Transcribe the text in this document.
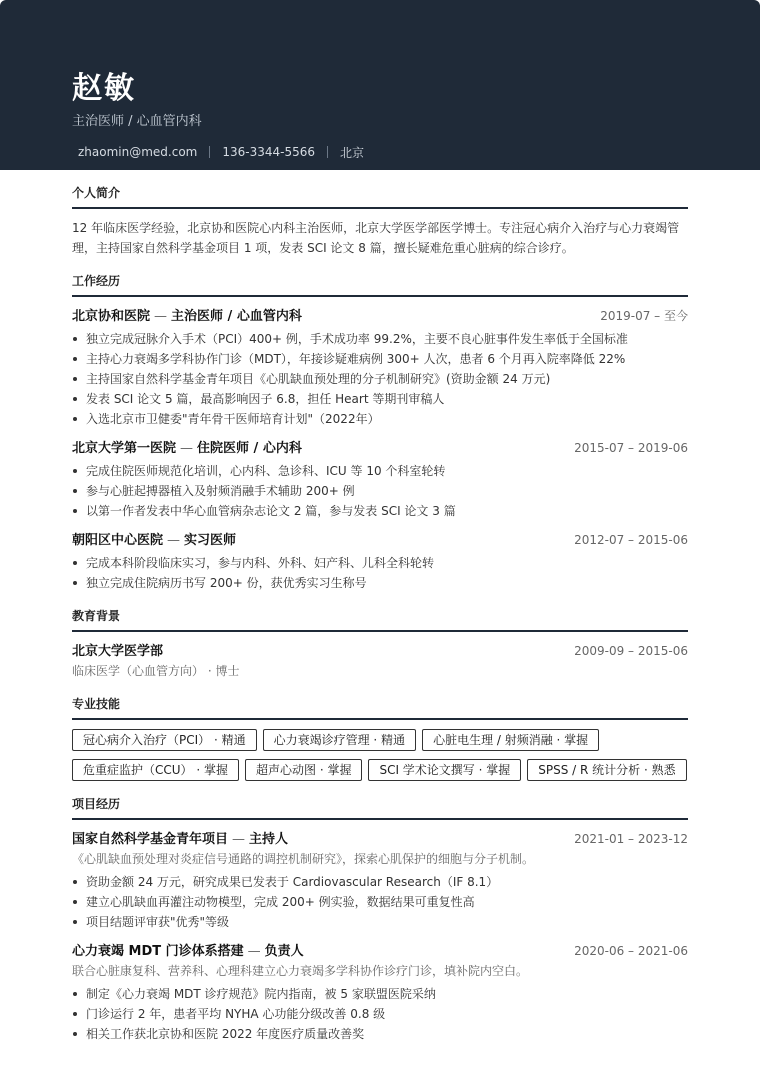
赵敏
主治医师 / 心血管内科
zhaomin@med.com	136-3344-5566	北京
个人简介
12 年临床医学经验，北京协和医院心内科主治医师，北京大学医学部医学博士。专注冠心病介入治疗与心力衰竭管理，主持国家自然科学基金项目 1 项，发表 SCI 论文 8 篇，擅长疑难危重心脏病的综合诊疗。
工作经历
北京协和医院 — 主治医师 / 心血管内科	2019-07 – 至今
独立完成冠脉介入手术（PCI）400+ 例，手术成功率 99.2%，主要不良心脏事件发生率低于全国标准
主持心力衰竭多学科协作门诊（MDT），年接诊疑难病例 300+ 人次，患者 6 个月再入院率降低 22%
主持国家自然科学基金青年项目《心肌缺血预处理的分子机制研究》(资助金额 24 万元)
发表 SCI 论文 5 篇，最高影响因子 6.8，担任 Heart 等期刊审稿人
入选北京市卫健委"青年骨干医师培育计划"（2022年）
北京大学第一医院 — 住院医师 / 心内科	2015-07 – 2019-06
完成住院医师规范化培训，心内科、急诊科、ICU 等 10 个科室轮转
参与心脏起搏器植入及射频消融手术辅助 200+ 例
以第一作者发表中华心血管病杂志论文 2 篇，参与发表 SCI 论文 3 篇
朝阳区中心医院 — 实习医师	2012-07 – 2015-06
完成本科阶段临床实习，参与内科、外科、妇产科、儿科全科轮转
独立完成住院病历书写 200+ 份，获优秀实习生称号
教育背景
北京大学医学部	2009-09 – 2015-06
临床医学（心血管方向） · 博士
专业技能
冠心病介入治疗（PCI） · 精通	心力衰竭诊疗管理 · 精通	心脏电生理 / 射频消融 · 掌握
危重症监护（CCU） · 掌握	超声心动图 · 掌握	SCI 学术论文撰写 · 掌握	SPSS / R 统计分析 · 熟悉
项目经历
国家自然科学基金青年项目 — 主持人	2021-01 – 2023-12
《心肌缺血预处理对炎症信号通路的调控机制研究》，探索心肌保护的细胞与分子机制。
资助金额 24 万元，研究成果已发表于 Cardiovascular Research（IF 8.1）
建立心肌缺血再灌注动物模型，完成 200+ 例实验，数据结果可重复性高
项目结题评审获"优秀"等级
心力衰竭 MDT 门诊体系搭建 — 负责人	2020-06 – 2021-06
联合心脏康复科、营养科、心理科建立心力衰竭多学科协作诊疗门诊，填补院内空白。
制定《心力衰竭 MDT 诊疗规范》院内指南，被 5 家联盟医院采纳
门诊运行 2 年，患者平均 NYHA 心功能分级改善 0.8 级
相关工作获北京协和医院 2022 年度医疗质量改善奖
